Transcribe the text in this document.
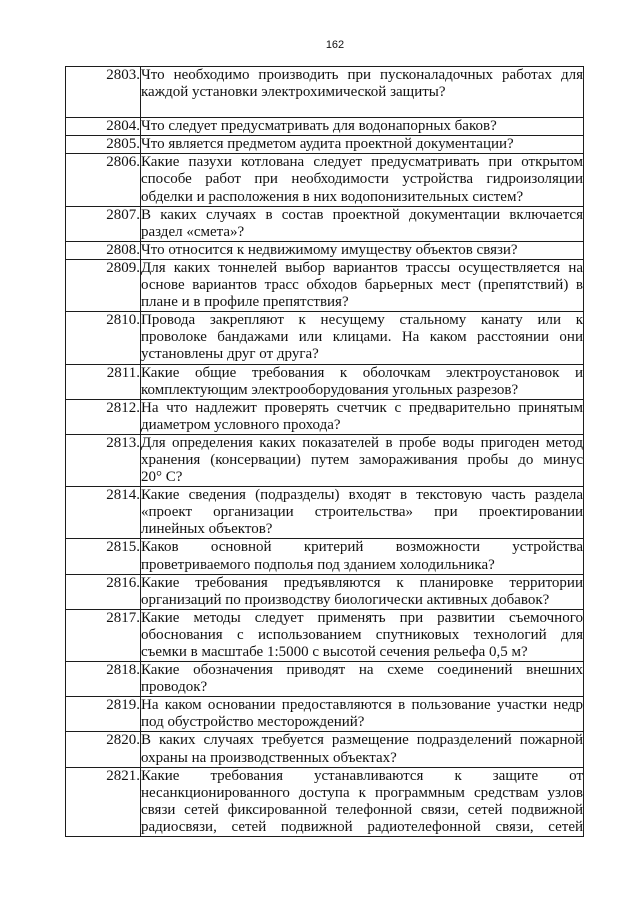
162
2803.	Что необходимо производить при пусконаладочных работах для
каждой установки электрохимической защиты?

2804.	Что следует предусматривать для водонапорных баков?

2805.	Что является предметом аудита проектной документации?

2806.	Какие пазухи котлована следует предусматривать при открытом
способе работ при необходимости устройства гидроизоляции
обделки и расположения в них водопонизительных систем?

2807.	В каких случаях в состав проектной документации включается
раздел «смета»?

2808.	Что относится к недвижимому имуществу объектов связи?

2809.	Для каких тоннелей выбор вариантов трассы осуществляется на
основе вариантов трасс обходов барьерных мест (препятствий) в
плане и в профиле препятствия?

2810.	Провода закрепляют к несущему стальному канату или к
проволоке бандажами или клицами. На каком расстоянии они
установлены друг от друга?

2811.	Какие общие требования к оболочкам электроустановок и
комплектующим электрооборудования угольных разрезов?

2812.	На что надлежит проверять счетчик с предварительно принятым
диаметром условного прохода?

2813.	Для определения каких показателей в пробе воды пригоден метод
хранения (консервации) путем замораживания пробы до минус
20° С?

2814.	Какие сведения (подразделы) входят в текстовую часть раздела
«проект организации строительства» при проектировании
линейных объектов?

2815.	Каков основной критерий возможности устройства
проветриваемого подполья под зданием холодильника?

2816.	Какие требования предъявляются к планировке территории
организаций по производству биологически активных добавок?

2817.	Какие методы следует применять при развитии съемочного
обоснования с использованием спутниковых технологий для
съемки в масштабе 1:5000 с высотой сечения рельефа 0,5 м?

2818.	Какие обозначения приводят на схеме соединений внешних
проводок?

2819.	На каком основании предоставляются в пользование участки недр
под обустройство месторождений?

2820.	В каких случаях требуется размещение подразделений пожарной
охраны на производственных объектах?

2821.	Какие требования устанавливаются к защите от
несанкционированного доступа к программным средствам узлов
связи сетей фиксированной телефонной связи, сетей подвижной
радиосвязи, сетей подвижной радиотелефонной связи, сетей
